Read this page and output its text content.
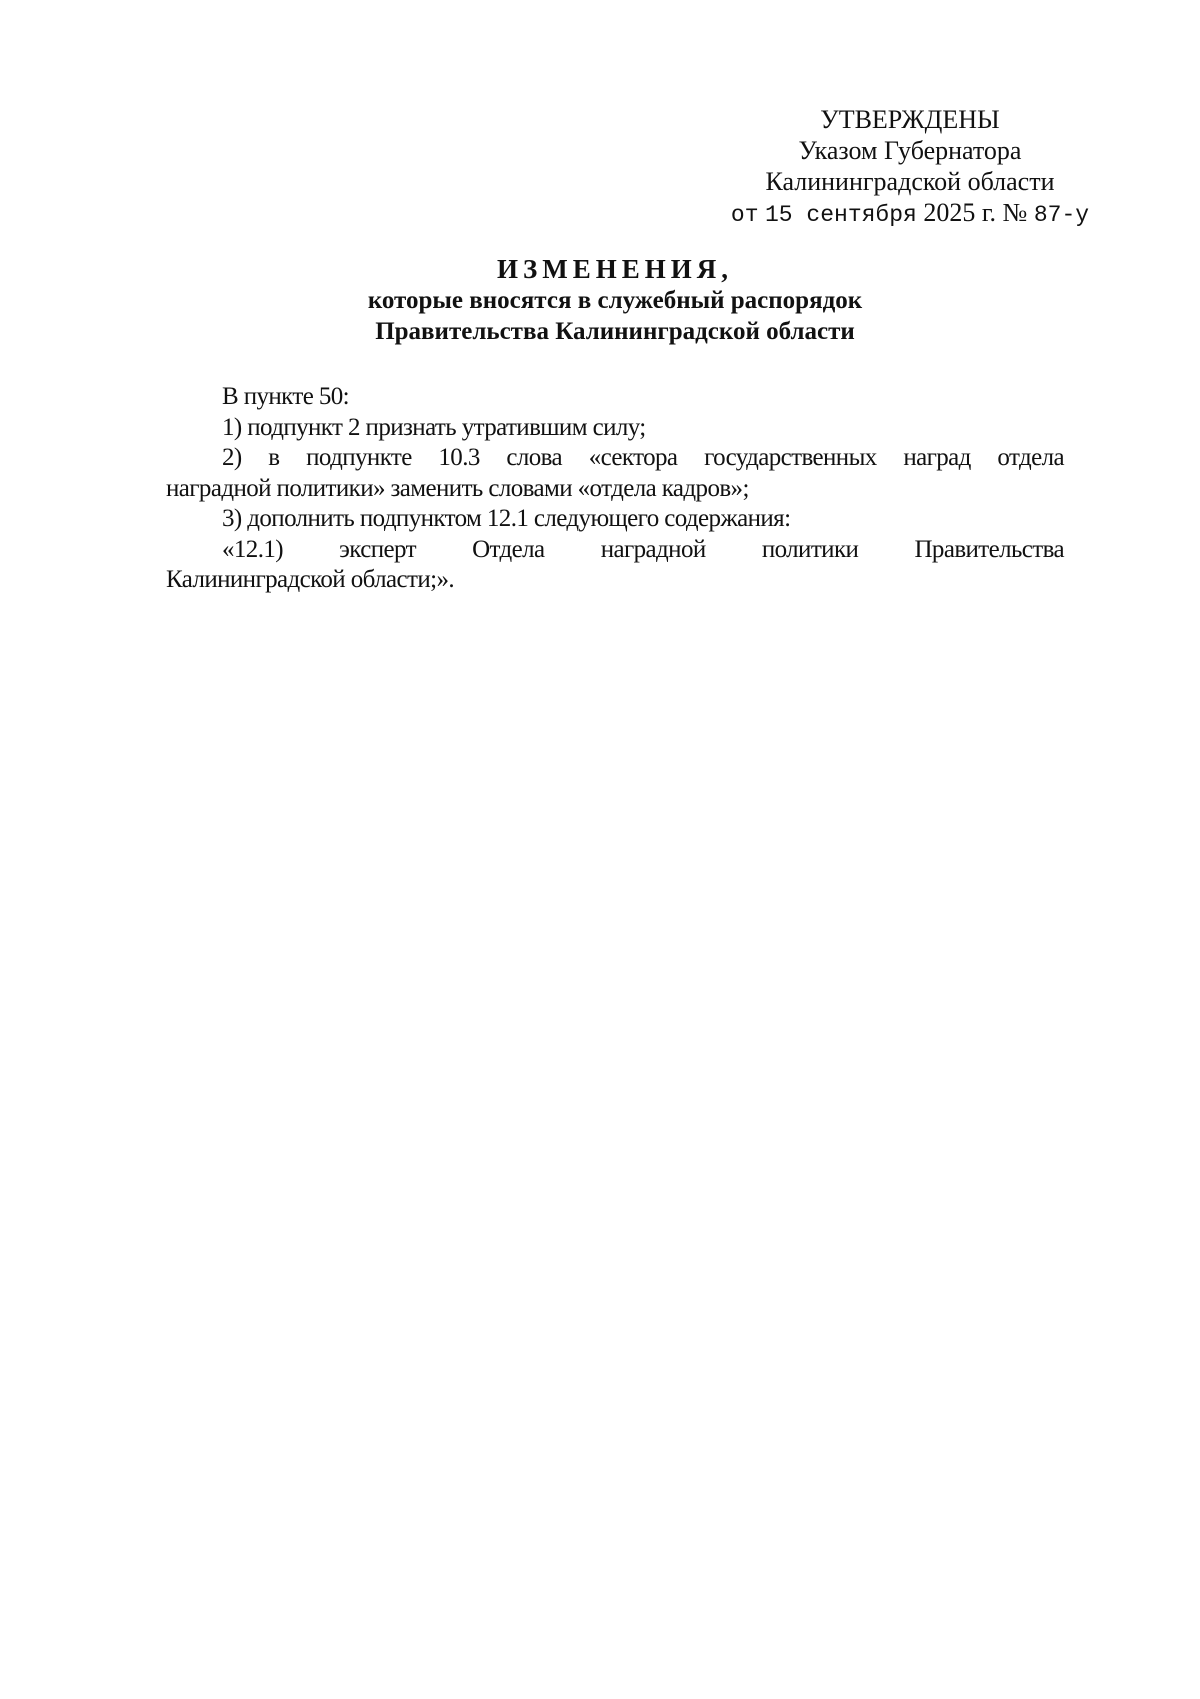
УТВЕРЖДЕНЫ
Указом Губернатора
Калининградской области
от 15 сентября 2025 г. № 87-у
ИЗМЕНЕНИЯ,
которые вносятся в служебный распорядок
Правительства Калининградской области
В пункте 50:
1) подпункт 2 признать утратившим силу;
2) в подпункте 10.3 слова «сектора государственных наград отдела
наградной политики» заменить словами «отдела кадров»;
3) дополнить подпунктом 12.1 следующего содержания:
«12.1) эксперт Отдела наградной политики Правительства
Калининградской области;».
